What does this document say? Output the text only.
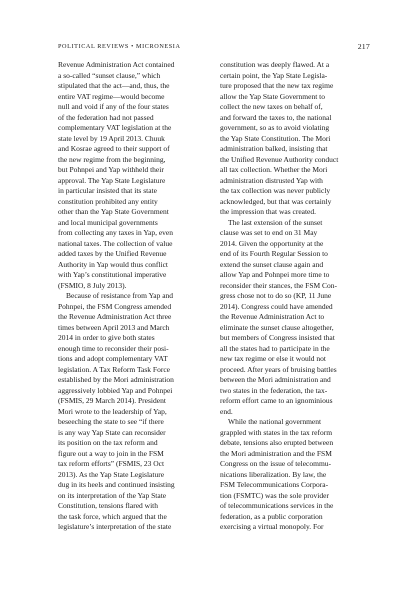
POLITICAL REVIEWS • MICRONESIA	217
Revenue Administration Act contained
a so-called “sunset clause,” which
stipulated that the act—and, thus, the
entire VAT regime—would become
null and void if any of the four states
of the federation had not passed
complementary VAT legislation at the
state level by 19 April 2013. Chuuk
and Kosrae agreed to their support of
the new regime from the beginning,
but Pohnpei and Yap withheld their
approval. The Yap State Legislature
in particular insisted that its state
constitution prohibited any entity
other than the Yap State Government
and local municipal governments
from collecting any taxes in Yap, even
national taxes. The collection of value
added taxes by the Unified Revenue
Authority in Yap would thus conflict
with Yap’s constitutional imperative
(FSMIO, 8 July 2013).
Because of resistance from Yap and
Pohnpei, the FSM Congress amended
the Revenue Administration Act three
times between April 2013 and March
2014 in order to give both states
enough time to reconsider their posi-
tions and adopt complementary VAT
legislation. A Tax Reform Task Force
established by the Mori administration
aggressively lobbied Yap and Pohnpei
(FSMIS, 29 March 2014). President
Mori wrote to the leadership of Yap,
beseeching the state to see “if there
is any way Yap State can reconsider
its position on the tax reform and
figure out a way to join in the FSM
tax reform efforts” (FSMIS, 23 Oct
2013). As the Yap State Legislature
dug in its heels and continued insisting
on its interpretation of the Yap State
Constitution, tensions flared with
the task force, which argued that the
legislature’s interpretation of the state
constitution was deeply flawed. At a
certain point, the Yap State Legisla-
ture proposed that the new tax regime
allow the Yap State Government to
collect the new taxes on behalf of,
and forward the taxes to, the national
government, so as to avoid violating
the Yap State Constitution. The Mori
administration balked, insisting that
the Unified Revenue Authority conduct
all tax collection. Whether the Mori
administration distrusted Yap with
the tax collection was never publicly
acknowledged, but that was certainly
the impression that was created.
The last extension of the sunset
clause was set to end on 31 May
2014. Given the opportunity at the
end of its Fourth Regular Session to
extend the sunset clause again and
allow Yap and Pohnpei more time to
reconsider their stances, the FSM Con-
gress chose not to do so (KP, 11 June
2014). Congress could have amended
the Revenue Administration Act to
eliminate the sunset clause altogether,
but members of Congress insisted that
all the states had to participate in the
new tax regime or else it would not
proceed. After years of bruising battles
between the Mori administration and
two states in the federation, the tax-
reform effort came to an ignominious
end.
While the national government
grappled with states in the tax reform
debate, tensions also erupted between
the Mori administration and the FSM
Congress on the issue of telecommu-
nications liberalization. By law, the
FSM Telecommunications Corpora-
tion (FSMTC) was the sole provider
of telecommunications services in the
federation, as a public corporation
exercising a virtual monopoly. For
